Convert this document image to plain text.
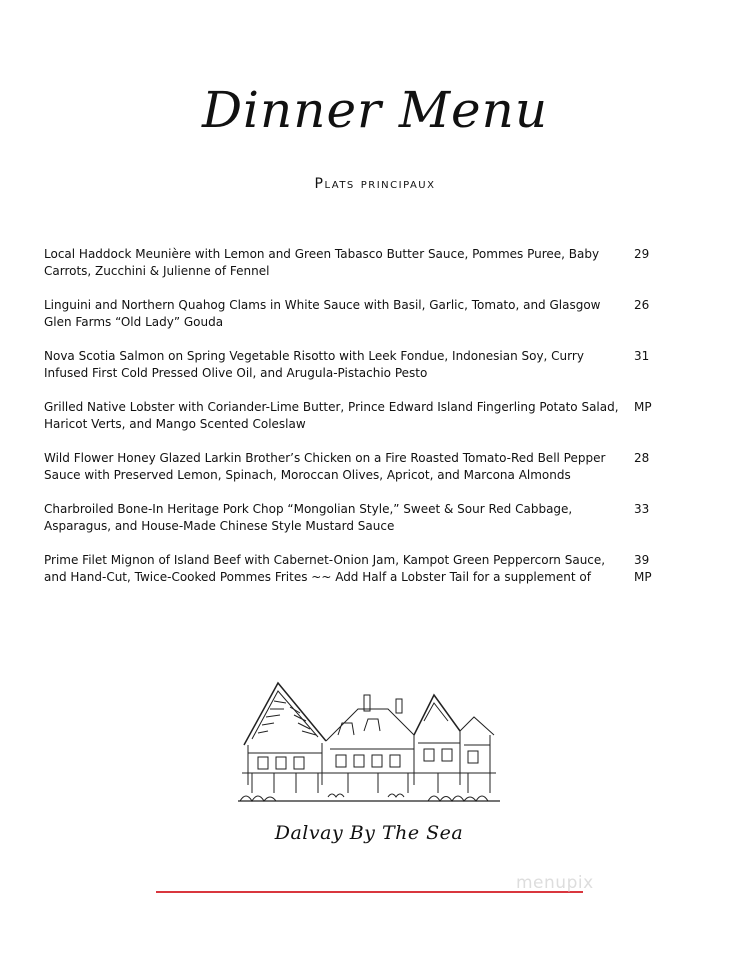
Dinner Menu
Plats principaux
Local Haddock Meunière with Lemon and Green Tabasco Butter Sauce, Pommes Puree, Baby Carrots, Zucchini & Julienne of Fennel
29
Linguini and Northern Quahog Clams in White Sauce with Basil, Garlic, Tomato, and Glasgow Glen Farms “Old Lady” Gouda
26
Nova Scotia Salmon on Spring Vegetable Risotto with Leek Fondue, Indonesian Soy, Curry Infused First Cold Pressed Olive Oil, and Arugula-Pistachio Pesto
31
Grilled Native Lobster with Coriander-Lime Butter, Prince Edward Island Fingerling Potato Salad, Haricot Verts, and Mango Scented Coleslaw
MP
Wild Flower Honey Glazed Larkin Brother’s Chicken on a Fire Roasted Tomato-Red Bell Pepper Sauce with Preserved Lemon, Spinach, Moroccan Olives, Apricot, and Marcona Almonds
28
Charbroiled Bone-In Heritage Pork Chop “Mongolian Style,” Sweet & Sour Red Cabbage, Asparagus, and House-Made Chinese Style Mustard Sauce
33
Prime Filet Mignon of Island Beef with Cabernet-Onion Jam, Kampot Green Peppercorn Sauce, and Hand-Cut, Twice-Cooked Pommes Frites ~~ Add Half a Lobster Tail for a supplement of
39
MP
Dalvay By The Sea
menupix
